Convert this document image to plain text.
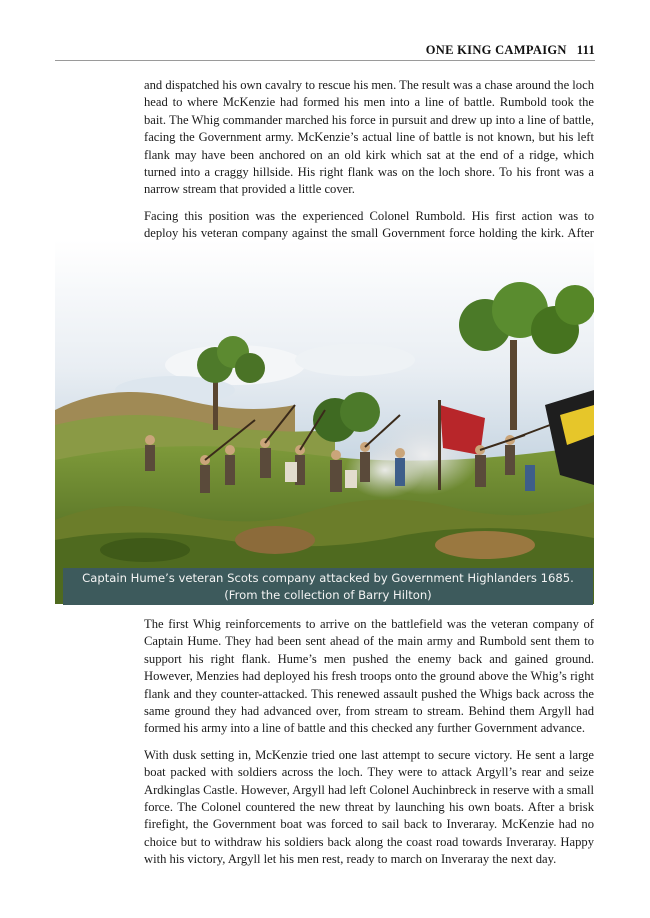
ONE KING CAMPAIGN 111

and dispatched his own cavalry to rescue his men. The result was a chase around the loch head to where McKenzie had formed his men into a line of battle. Rumbold took the bait. The Whig commander marched his force in pursuit and drew up into a line of battle, facing the Government army. McKenzie’s actual line of battle is not known, but his left flank may have been anchored on an old kirk which sat at the end of a ridge, which turned into a craggy hillside. His right flank was on the loch shore. To his front was a narrow stream that provided a little cover.

Facing this position was the experienced Colonel Rumbold. His first action was to deploy his veteran company against the small Government force holding the kirk. After

Captain Hume’s veteran Scots company attacked by Government Highlanders 1685. (From the collection of Barry Hilton)

The first Whig reinforcements to arrive on the battlefield was the veteran company of Captain Hume. They had been sent ahead of the main army and Rumbold sent them to support his right flank. Hume’s men pushed the enemy back and gained ground. However, Menzies had deployed his fresh troops onto the ground above the Whig’s right flank and they counter-attacked. This renewed assault pushed the Whigs back across the same ground they had advanced over, from stream to stream. Behind them Argyll had formed his army into a line of battle and this checked any further Government advance.

With dusk setting in, McKenzie tried one last attempt to secure victory. He sent a large boat packed with soldiers across the loch. They were to attack Argyll’s rear and seize Ardkinglas Castle. However, Argyll had left Colonel Auchinbreck in reserve with a small force. The Colonel countered the new threat by launching his own boats. After a brisk firefight, the Government boat was forced to sail back to Inveraray. McKenzie had no choice but to withdraw his soldiers back along the coast road towards Inveraray. Happy with his victory, Argyll let his men rest, ready to march on Inveraray the next day.
